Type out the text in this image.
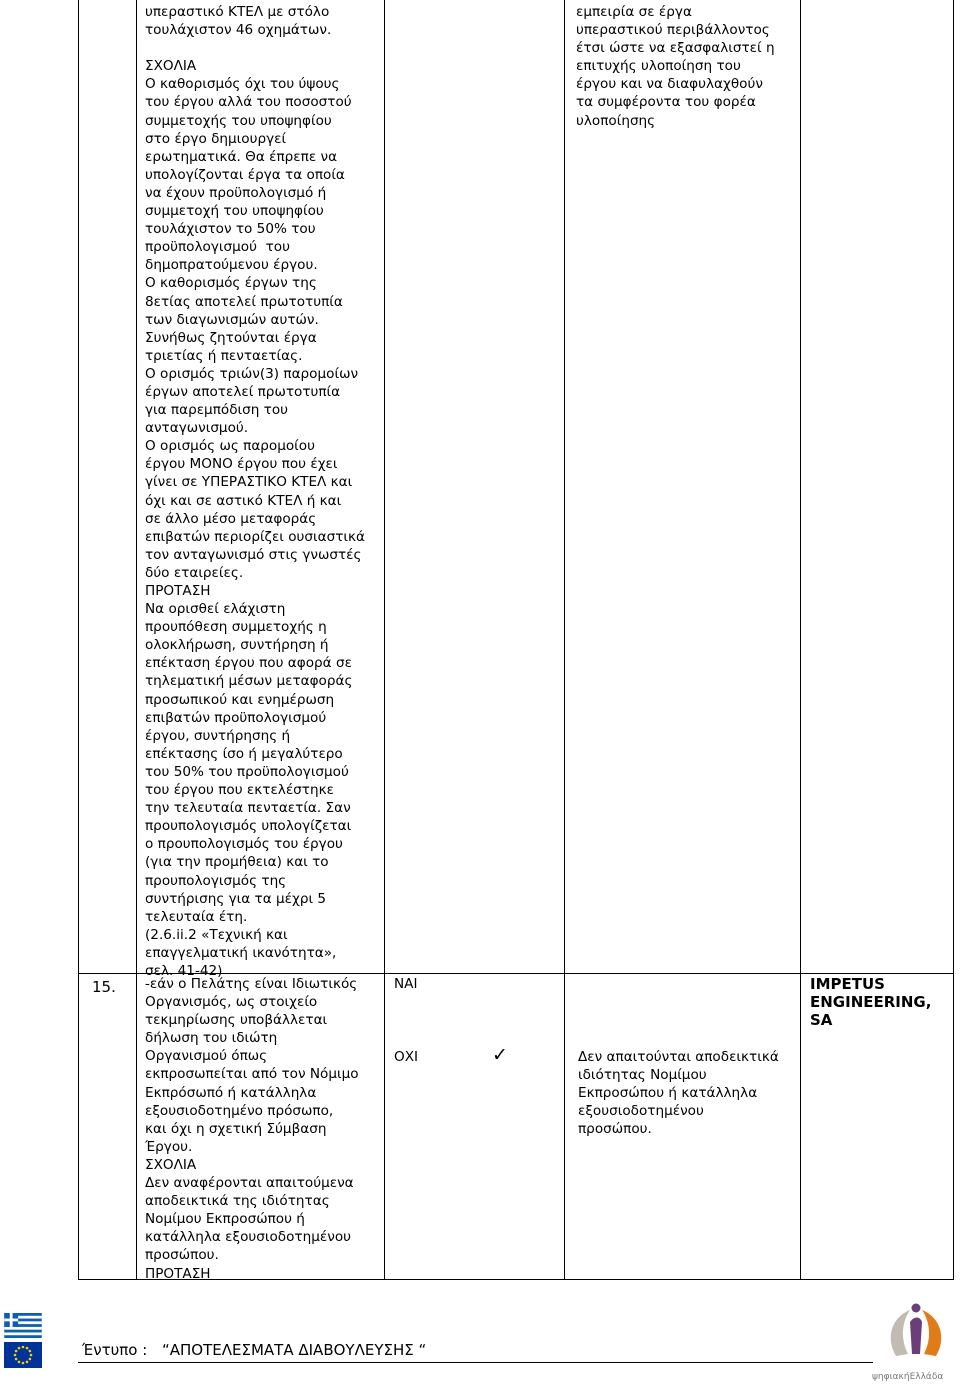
υπεραστικό ΚΤΕΛ με στόλο
τουλάχιστον 46 οχημάτων.

ΣΧΟΛΙΑ
Ο καθορισμός όχι του ύψους
του έργου αλλά του ποσοστού
συμμετοχής του υποψηφίου
στο έργο δημιουργεί
ερωτηματικά. Θα έπρεπε να
υπολογίζονται έργα τα οποία
να έχουν προϋπολογισμό ή
συμμετοχή του υποψηφίου
τουλάχιστον το 50% του
προϋπολογισμού  του
δημοπρατούμενου έργου.
Ο καθορισμός έργων της
8ετίας αποτελεί πρωτοτυπία
των διαγωνισμών αυτών.
Συνήθως ζητούνται έργα
τριετίας ή πενταετίας.
Ο ορισμός τριών(3) παρομοίων
έργων αποτελεί πρωτοτυπία
για παρεμπόδιση του
ανταγωνισμού.
Ο ορισμός ως παρομοίου
έργου ΜΟΝΟ έργου που έχει
γίνει σε ΥΠΕΡΑΣΤΙΚΟ ΚΤΕΛ και
όχι και σε αστικό ΚΤΕΛ ή και
σε άλλο μέσο μεταφοράς
επιβατών περιορίζει ουσιαστικά
τον ανταγωνισμό στις γνωστές
δύο εταιρείες.
ΠΡΟΤΑΣΗ
Να ορισθεί ελάχιστη
προυπόθεση συμμετοχής η
ολοκλήρωση, συντήρηση ή
επέκταση έργου που αφορά σε
τηλεματική μέσων μεταφοράς
προσωπικού και ενημέρωση
επιβατών προϋπολογισμού
έργου, συντήρησης ή
επέκτασης ίσο ή μεγαλύτερο
του 50% του προϋπολογισμού
του έργου που εκτελέστηκε
την τελευταία πενταετία. Σαν
προυπολογισμός υπολογίζεται
ο προυπολογισμός του έργου
(για την προμήθεια) και το
προυπολογισμός της
συντήρισης για τα μέχρι 5
τελευταία έτη.
(2.6.ii.2 «Τεχνική και
επαγγελματική ικανότητα»,
σελ. 41-42)
εμπειρία σε έργα
υπεραστικού περιβάλλοντος
έτσι ώστε να εξασφαλιστεί η
επιτυχής υλοποίηση του
έργου και να διαφυλαχθούν
τα συμφέροντα του φορέα
υλοποίησης
15. -εάν ο Πελάτης είναι Ιδιωτικός
Οργανισμός, ως στοιχείο
τεκμηρίωσης υποβάλλεται
δήλωση του ιδιώτη
Οργανισμού όπως
εκπροσωπείται από τον Νόμιμο
Εκπρόσωπό ή κατάλληλα
εξουσιοδοτημένο πρόσωπο,
και όχι η σχετική Σύμβαση
Έργου.
ΣΧΟΛΙΑ
Δεν αναφέρονται απαιτούμενα
αποδεικτικά της ιδιότητας
Νομίμου Εκπροσώπου ή
κατάλληλα εξουσιοδοτημένου
προσώπου.
ΠΡΟΤΑΣΗ
ΝΑΙ
ΟΧΙ	✓	Δεν απαιτούνται αποδεικτικά
ιδιότητας Νομίμου
Εκπροσώπου ή κατάλληλα
εξουσιοδοτημένου
προσώπου.
IMPETUS
ENGINEERING,
SA
Έντυπο : “ΑΠΟΤΕΛΕΣΜΑΤΑ ΔΙΑΒΟΥΛΕΥΣΗΣ “
ψηφιακήΕλλάδα
